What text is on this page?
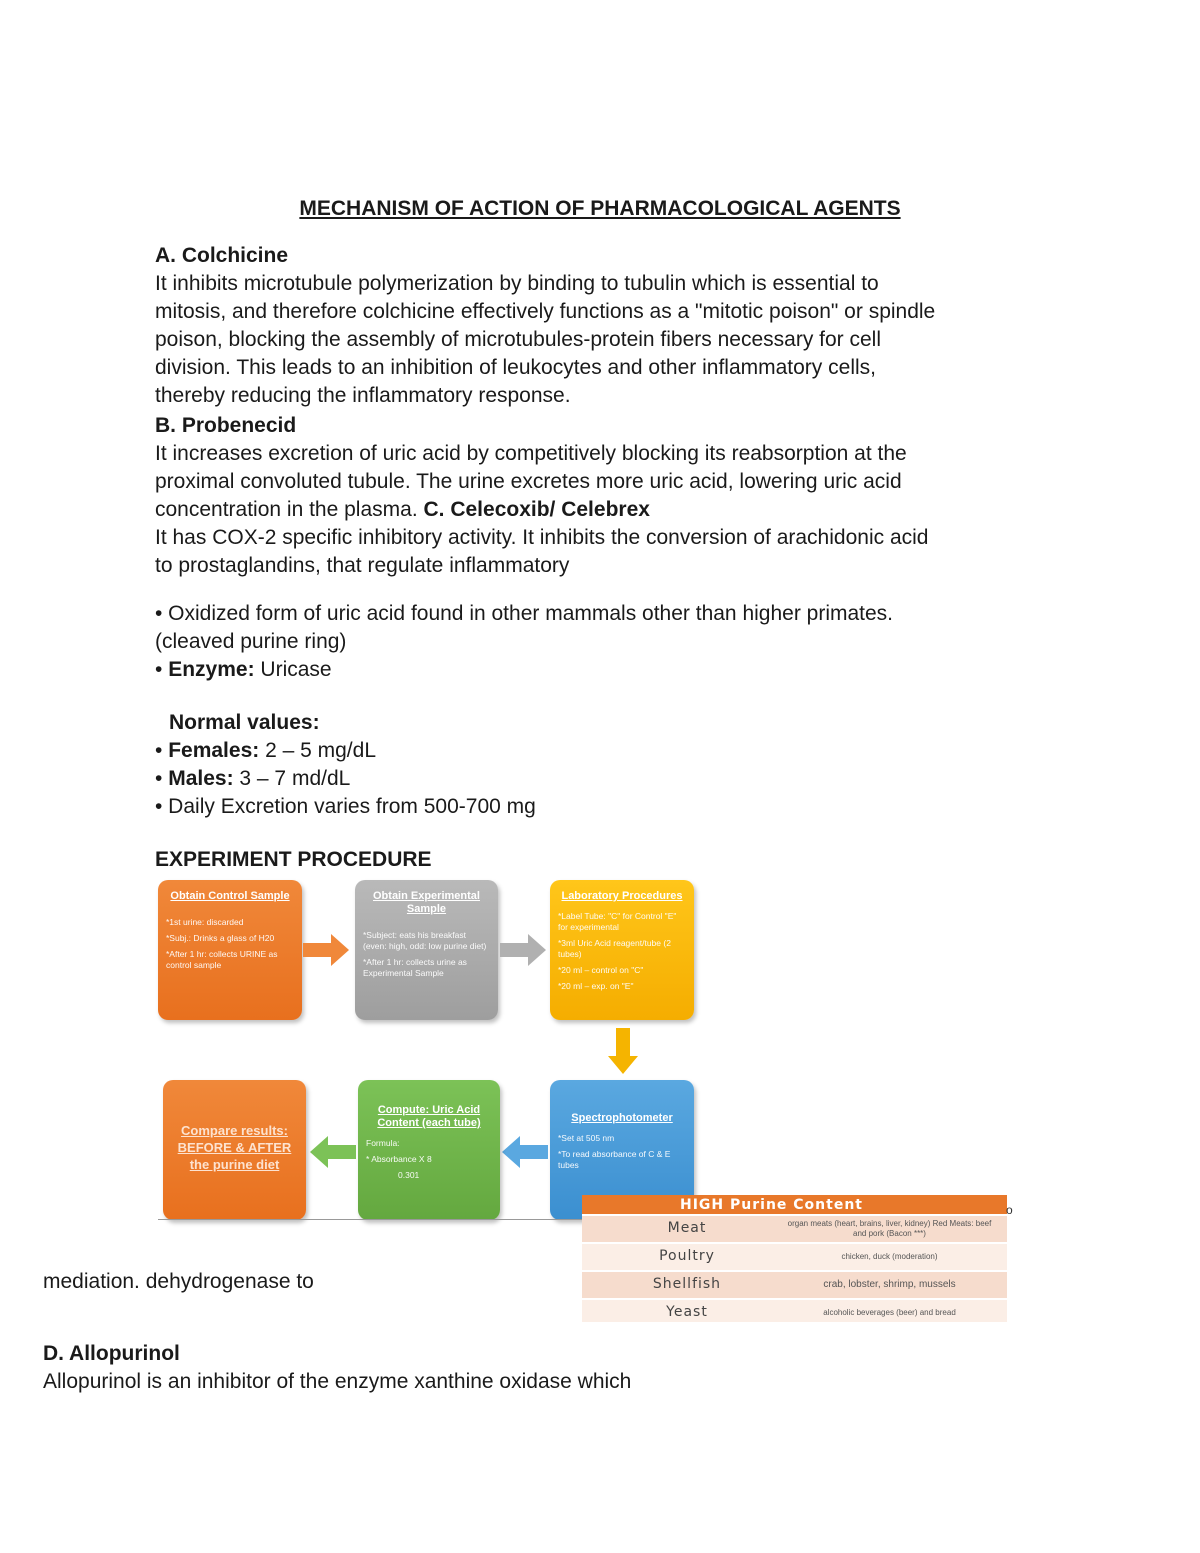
MECHANISM OF ACTION OF PHARMACOLOGICAL AGENTS
A. Colchicine
It inhibits microtubule polymerization by binding to tubulin which is essential to
mitosis, and therefore colchicine effectively functions as a "mitotic poison" or spindle
poison, blocking the assembly of microtubules-protein fibers necessary for cell
division. This leads to an inhibition of leukocytes and other inflammatory cells,
thereby reducing the inflammatory response.
B. Probenecid
It increases excretion of uric acid by competitively blocking its reabsorption at the
proximal convoluted tubule. The urine excretes more uric acid, lowering uric acid
concentration in the plasma. C. Celecoxib/ Celebrex
It has COX-2 specific inhibitory activity. It inhibits the conversion of arachidonic acid
to prostaglandins, that regulate inflammatory
• Oxidized form of uric acid found in other mammals other than higher primates.
(cleaved purine ring)
• Enzyme: Uricase
Normal values:
• Females: 2 – 5 mg/dL
• Males: 3 – 7 md/dL
• Daily Excretion varies from 500-700 mg
EXPERIMENT PROCEDURE
Obtain Control Sample
*1st urine: discarded
*Subj.: Drinks a glass of H20
*After 1 hr: collects URINE as control sample
Obtain Experimental Sample
*Subject: eats his breakfast (even: high, odd: low purine diet)
*After 1 hr: collects urine as Experimental Sample
Laboratory Procedures
*Label Tube: "C" for Control "E" for experimental
*3ml Uric Acid reagent/tube (2 tubes)
*20 ml – control on "C"
*20 ml – exp. on "E"
Spectrophotometer
*Set at 505 nm
*To read absorbance of C & E tubes
Compute: Uric Acid Content (each tube)
Formula:
* Absorbance X 8
0.301
Compare results: BEFORE & AFTER the purine diet
HIGH Purine Content
Meat	organ meats (heart, brains, liver, kidney) Red Meats: beef and pork (Bacon ***)
Poultry	chicken, duck (moderation)
Shellfish	crab, lobster, shrimp, mussels
Yeast	alcoholic beverages (beer) and bread
o
mediation. dehydrogenase to
D. Allopurinol
Allopurinol is an inhibitor of the enzyme xanthine oxidase which
